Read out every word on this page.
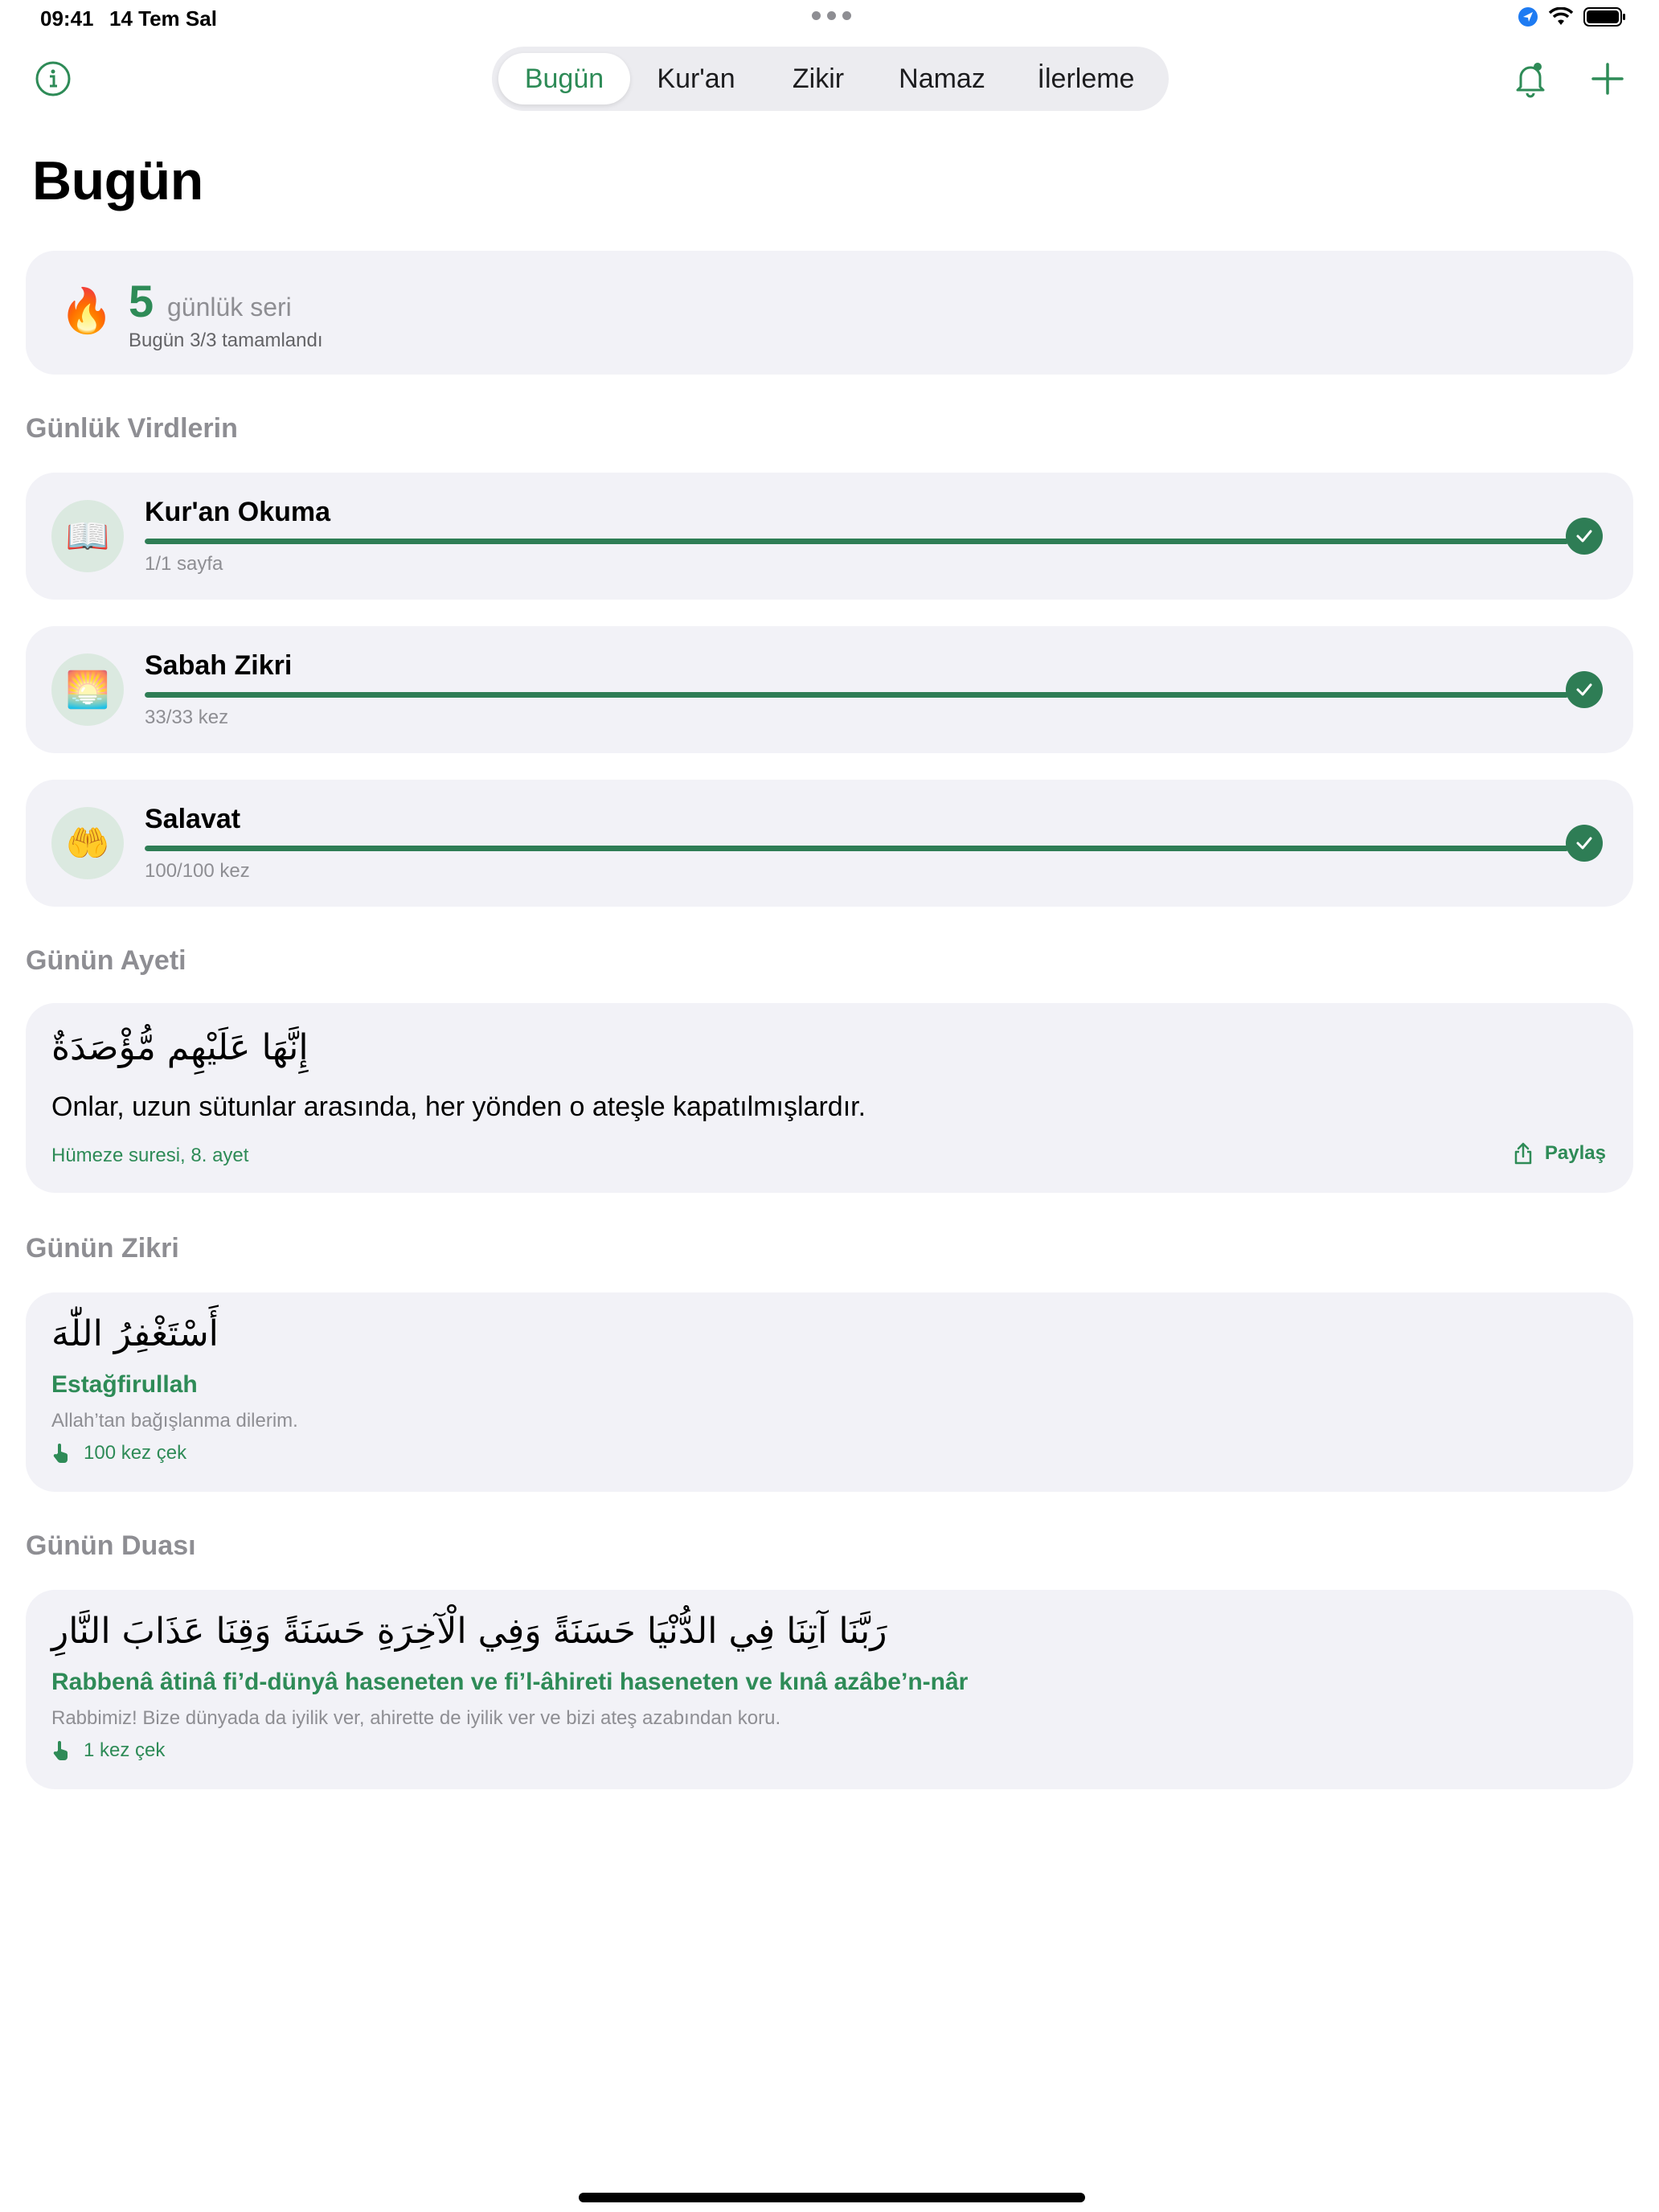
09:41 14 Tem Sal
Bugün	Kur'an	Zikir	Namaz	İlerleme
Bugün
🔥 5 günlük seri
Bugün 3/3 tamamlandı
Günlük Virdlerin
📖
Kur'an Okuma
1/1 sayfa
🌅
Sabah Zikri
33/33 kez
🤲
Salavat
100/100 kez
Günün Ayeti
إِنَّهَا عَلَيْهِم مُّؤْصَدَةٌ
Onlar, uzun sütunlar arasında, her yönden o ateşle kapatılmışlardır.
Hümeze suresi, 8. ayet	Paylaş
Günün Zikri
أَسْتَغْفِرُ اللّٰهَ
Estağfirullah
Allah’tan bağışlanma dilerim.
100 kez çek
Günün Duası
رَبَّنَا آتِنَا فِي الدُّنْيَا حَسَنَةً وَفِي الْآخِرَةِ حَسَنَةً وَقِنَا عَذَابَ النَّارِ
Rabbenâ âtinâ fi’d-dünyâ haseneten ve fi’l-âhireti haseneten ve kınâ azâbe’n-nâr
Rabbimiz! Bize dünyada da iyilik ver, ahirette de iyilik ver ve bizi ateş azabından koru.
1 kez çek
